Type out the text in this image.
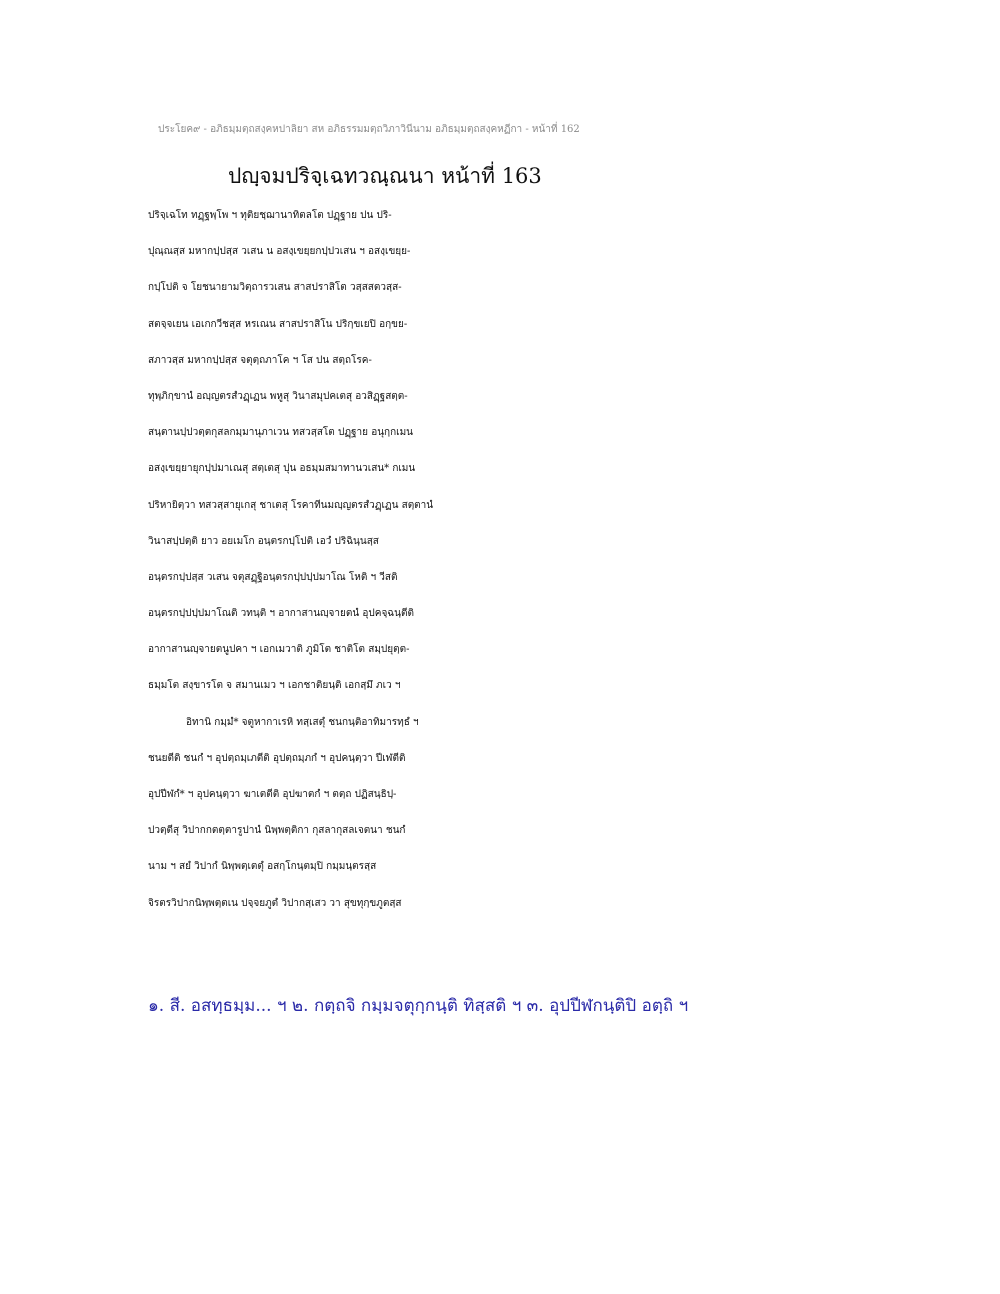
ประโยค๙ - อภิธมฺมตฺถสงฺคหปาลิยา สห อภิธรรมมตฺถวิภาวินีนาม อภิธมฺมตฺถสงฺคหฏีกา - หน้าที่ 162
ปญฺจมปริจฺเฉทวณฺณนา หน้าที่ 163
ปริจฺเฉโท ทฏฺฐพฺโพ ฯ ทุติยชฺฌานาทิตลโต ปฏฺฐาย ปน ปริ-
ปุณฺณสฺส มหากปฺปสฺส วเสน น อสงฺเขยฺยกปฺปวเสน ฯ อสงฺเขยฺย-
กปฺโปติ จ โยชนายามวิตฺถารวเสน สาสปราสิโต วสฺสสตวสฺส-
สตจฺจเยน เอเกกวีชสฺส หรเณน สาสปราสิโน ปริกฺขเยปิ อกฺขย-
สภาวสฺส มหากปฺปสฺส จตุตฺถภาโค ฯ โส ปน สตฺถโรค-
ทุพฺภิกฺขานํ อญฺญตรสํวฏฺเฏน พหูสุ วินาสมุปคเตสุ อวสิฏฺฐสตฺต-
สนฺตานปฺปวตฺตกุสลกมฺมานุภาเวน ทสวสฺสโต ปฏฺฐาย อนุกฺกเมน
อสงฺเขยฺยายุกปฺปมาเณสุ สตฺเตสุ ปุน อธมฺมสมาทานวเสน* กเมน
ปริหายิตฺวา ทสวสฺสายุเกสุ ชาเตสุ โรคาทีนมญฺญตรสํวฏฺเฏน สตฺตานํ
วินาสปฺปตฺติ ยาว อยเมโก อนฺตรกปฺโปติ เอวํ ปริฉินฺนสฺส
อนฺตรกปฺปสฺส วเสน จตุสฏฺฐิอนฺตรกปฺปปฺปมาโณ โหติ ฯ วีสติ
อนฺตรกปฺปปฺปมาโณติ วทนฺติ ฯ อากาสานญฺจายตนํ อุปคจฺฉนฺตีติ
อากาสานญฺจายตนูปคา ฯ เอกเมวาติ ภูมิโต ชาติโต สมฺปยุตฺต-
ธมฺมโต สงฺขารโต จ สมานเมว ฯ เอกชาติยนฺติ เอกสฺมึ ภเว ฯ
อิทานิ กมฺมํ* จตูหากาเรหิ ทสฺเสตุํ ชนกนฺติอาทิมารทฺธํ ฯ
ชนยตีติ ชนกํ ฯ อุปตฺถมฺเภตีติ อุปตฺถมฺภกํ ฯ อุปคนฺตฺวา ปีเฬตีติ
อุปปีฬกํ* ฯ อุปคนฺตฺวา ฆาเตตีติ อุปฆาตกํ ฯ ตตฺถ ปฏิสนฺธิปฺ-
ปวตฺตีสุ วิปากกตตฺตารูปานํ นิพฺพตฺติกา กุสลากุสลเจตนา ชนกํ
นาม ฯ สยํ วิปากํ นิพฺพตฺเตตุํ อสกฺโกนฺตมฺปิ กมฺมนฺตรสฺส
จิรตรวิปากนิพฺพตฺตเน ปจฺจยภูตํ วิปากสฺเสว วา สุขทุกฺขภูตสฺส
๑. สี. อสทฺธมฺม... ฯ ๒. กตฺถจิ กมฺมจตุกฺกนฺติ ทิสฺสติ ฯ ๓. อุปปีฬกนฺติปิ อตฺถิ ฯ
